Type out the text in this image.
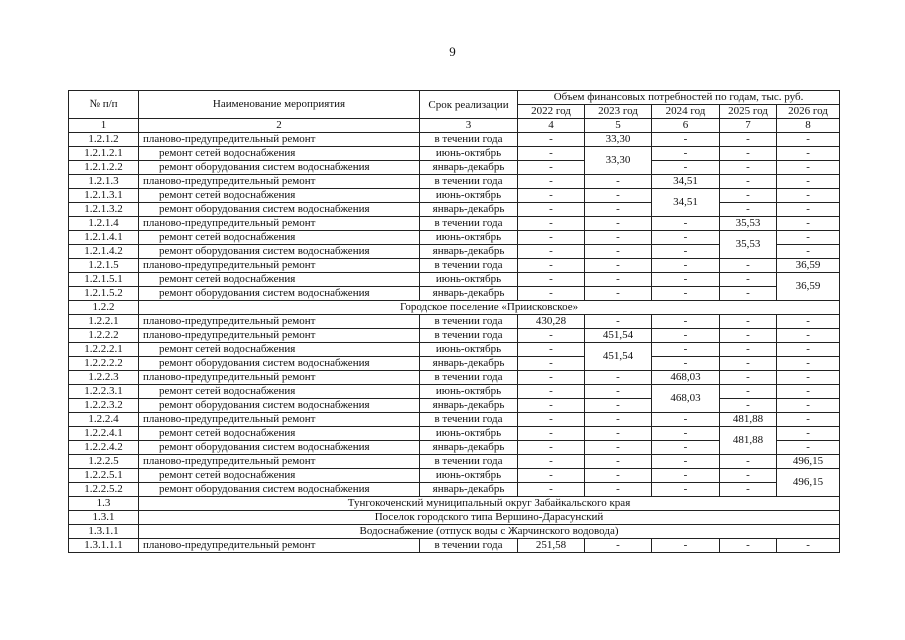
9
№ п/п	Наименование мероприятия	Срок реализации	Объем финансовых потребностей по годам, тыс. руб.				
			2022 год	2023 год	2024 год	2025 год	2026 год
1	2	3	4	5	6	7	8
1.2.1.2	планово-предупредительный ремонт	в течении года	-	33,30	-	-	-
1.2.1.2.1	ремонт сетей водоснабжения	июнь-октябрь	-	33,30	-	-	-
1.2.1.2.2	ремонт оборудования систем водоснабжения	январь-декабрь	-		-	-	-
1.2.1.3	планово-предупредительный ремонт	в течении года	-	-	34,51	-	-
1.2.1.3.1	ремонт сетей водоснабжения	июнь-октябрь	-	-	34,51	-	-
1.2.1.3.2	ремонт оборудования систем водоснабжения	январь-декабрь	-	-		-	-
1.2.1.4	планово-предупредительный ремонт	в течении года	-	-	-	35,53	-
1.2.1.4.1	ремонт сетей водоснабжения	июнь-октябрь	-	-	-	35,53	-
1.2.1.4.2	ремонт оборудования систем водоснабжения	январь-декабрь	-	-	-		-
1.2.1.5	планово-предупредительный ремонт	в течении года	-	-	-	-	36,59
1.2.1.5.1	ремонт сетей водоснабжения	июнь-октябрь	-	-	-	-	36,59
1.2.1.5.2	ремонт оборудования систем водоснабжения	январь-декабрь	-	-	-	-	
1.2.2	Городское поселение «Приисковское»						
1.2.2.1	планово-предупредительный ремонт	в течении года	430,28	-	-	-	-
1.2.2.2	планово-предупредительный ремонт	в течении года	-	451,54	-	-	-
1.2.2.2.1	ремонт сетей водоснабжения	июнь-октябрь	-	451,54	-	-	-
1.2.2.2.2	ремонт оборудования систем водоснабжения	январь-декабрь	-		-	-	-
1.2.2.3	планово-предупредительный ремонт	в течении года	-	-	468,03	-	-
1.2.2.3.1	ремонт сетей водоснабжения	июнь-октябрь	-	-	468,03	-	-
1.2.2.3.2	ремонт оборудования систем водоснабжения	январь-декабрь	-	-		-	-
1.2.2.4	планово-предупредительный ремонт	в течении года	-	-	-	481,88	-
1.2.2.4.1	ремонт сетей водоснабжения	июнь-октябрь	-	-	-	481,88	-
1.2.2.4.2	ремонт оборудования систем водоснабжения	январь-декабрь	-	-	-		-
1.2.2.5	планово-предупредительный ремонт	в течении года	-	-	-	-	496,15
1.2.2.5.1	ремонт сетей водоснабжения	июнь-октябрь	-	-	-	-	496,15
1.2.2.5.2	ремонт оборудования систем водоснабжения	январь-декабрь	-	-	-	-	
1.3	Тунгокоченский муниципальный округ Забайкальского края						
1.3.1	Поселок городского типа Вершино-Дарасунский						
1.3.1.1	Водоснабжение (отпуск воды с Жарчинского водовода)						
1.3.1.1.1	планово-предупредительный ремонт	в течении года	251,58	-	-	-	-
